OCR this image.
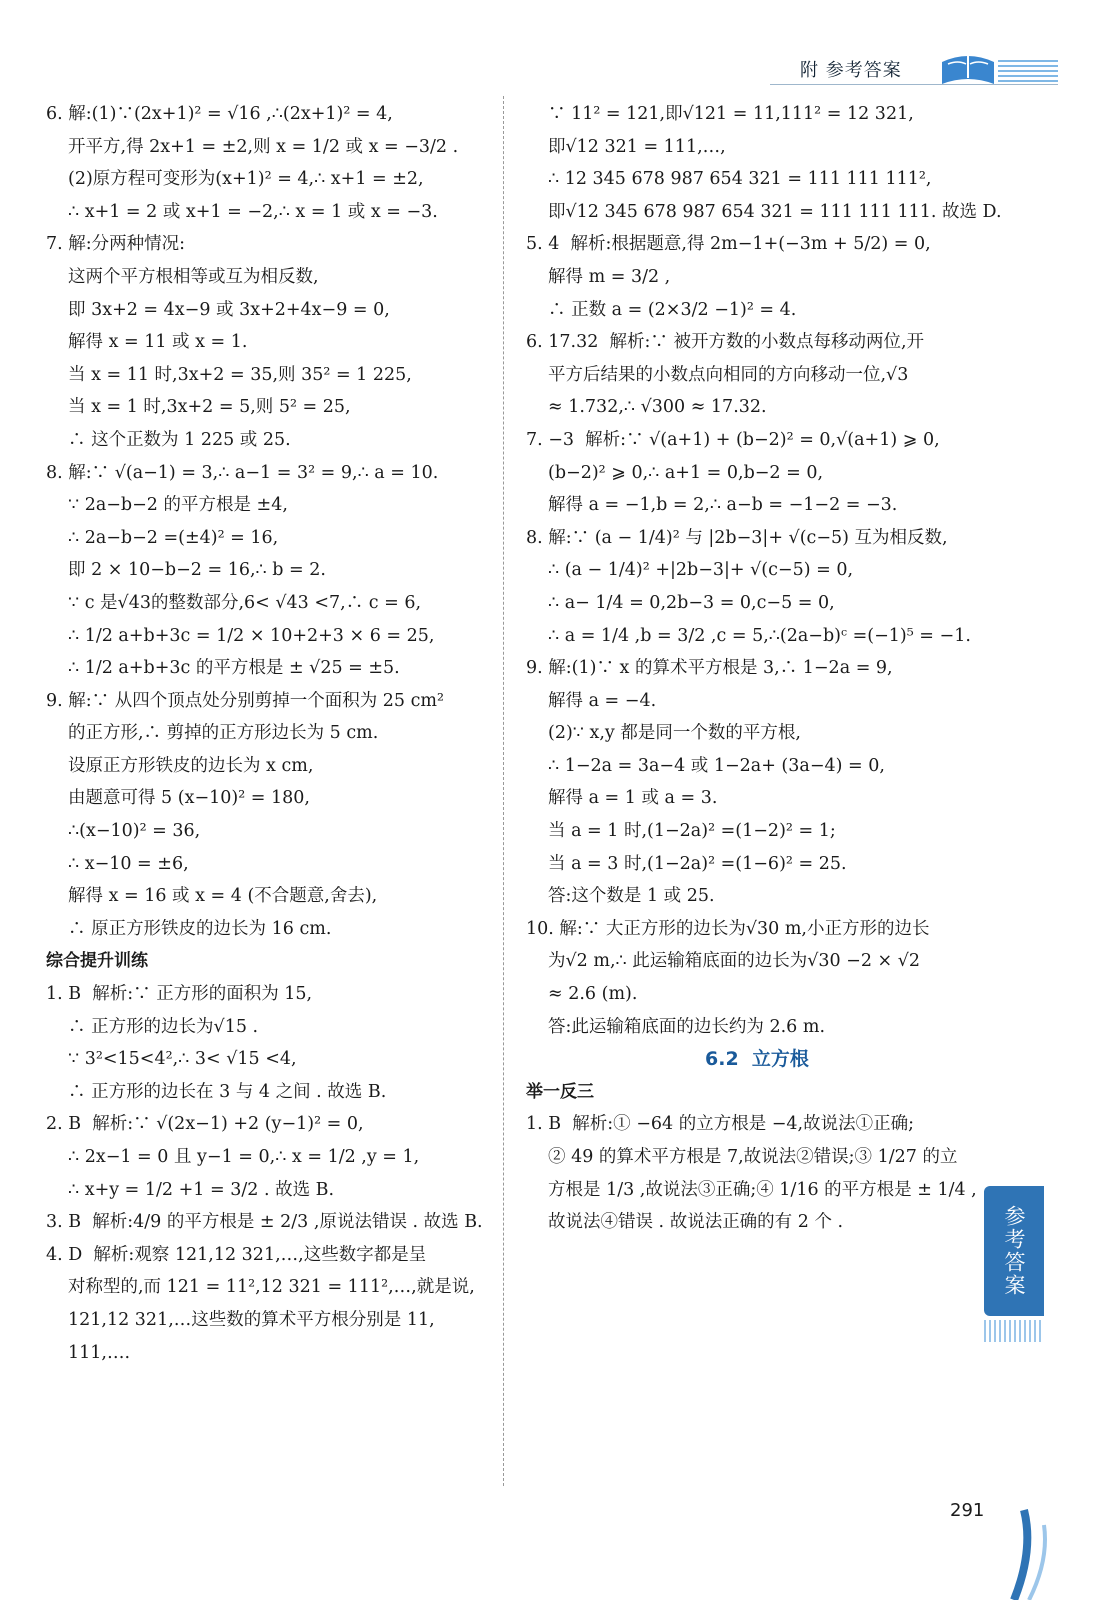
附 参考答案
6. 解:(1)∵(2x+1)² = √16 ,∴(2x+1)² = 4,
开平方,得 2x+1 = ±2,则 x = 1/2 或 x = −3/2 .
(2)原方程可变形为(x+1)² = 4,∴ x+1 = ±2,
∴ x+1 = 2 或 x+1 = −2,∴ x = 1 或 x = −3.
7. 解:分两种情况:
这两个平方根相等或互为相反数,
即 3x+2 = 4x−9 或 3x+2+4x−9 = 0,
解得 x = 11 或 x = 1.
当 x = 11 时,3x+2 = 35,则 35² = 1 225,
当 x = 1 时,3x+2 = 5,则 5² = 25,
∴ 这个正数为 1 225 或 25.
8. 解:∵ √(a−1) = 3,∴ a−1 = 3² = 9,∴ a = 10.
∵ 2a−b−2 的平方根是 ±4,
∴ 2a−b−2 =(±4)² = 16,
即 2 × 10−b−2 = 16,∴ b = 2.
∵ c 是√43的整数部分,6< √43 <7,∴ c = 6,
∴ 1/2 a+b+3c = 1/2 × 10+2+3 × 6 = 25,
∴ 1/2 a+b+3c 的平方根是 ± √25 = ±5.
9. 解:∵ 从四个顶点处分别剪掉一个面积为 25 cm²
的正方形,∴ 剪掉的正方形边长为 5 cm.
设原正方形铁皮的边长为 x cm,
由题意可得 5 (x−10)² = 180,
∴(x−10)² = 36,
∴ x−10 = ±6,
解得 x = 16 或 x = 4 (不合题意,舍去),
∴ 原正方形铁皮的边长为 16 cm.
综合提升训练
1. B  解析:∵ 正方形的面积为 15,
∴ 正方形的边长为√15 .
∵ 3²<15<4²,∴ 3< √15 <4,
∴ 正方形的边长在 3 与 4 之间 . 故选 B.
2. B  解析:∵ √(2x−1) +2 (y−1)² = 0,
∴ 2x−1 = 0 且 y−1 = 0,∴ x = 1/2 ,y = 1,
∴ x+y = 1/2 +1 = 3/2 . 故选 B.
3. B  解析:4/9 的平方根是 ± 2/3 ,原说法错误 . 故选 B.
4. D  解析:观察 121,12 321,…,这些数字都是呈
对称型的,而 121 = 11²,12 321 = 111²,…,就是说,
121,12 321,…这些数的算术平方根分别是 11,
111,….
∵ 11² = 121,即√121 = 11,111² = 12 321,
即√12 321 = 111,…,
∴ 12 345 678 987 654 321 = 111 111 111²,
即√12 345 678 987 654 321 = 111 111 111. 故选 D.
5. 4  解析:根据题意,得 2m−1+(−3m + 5/2) = 0,
解得 m = 3/2 ,
∴ 正数 a = (2×3/2 −1)² = 4.
6. 17.32  解析:∵ 被开方数的小数点每移动两位,开
平方后结果的小数点向相同的方向移动一位,√3
≈ 1.732,∴ √300 ≈ 17.32.
7. −3  解析:∵ √(a+1) + (b−2)² = 0,√(a+1) ⩾ 0,
(b−2)² ⩾ 0,∴ a+1 = 0,b−2 = 0,
解得 a = −1,b = 2,∴ a−b = −1−2 = −3.
8. 解:∵ (a − 1/4)² 与 |2b−3|+ √(c−5) 互为相反数,
∴ (a − 1/4)² +|2b−3|+ √(c−5) = 0,
∴ a− 1/4 = 0,2b−3 = 0,c−5 = 0,
∴ a = 1/4 ,b = 3/2 ,c = 5,∴(2a−b)ᶜ =(−1)⁵ = −1.
9. 解:(1)∵ x 的算术平方根是 3,∴ 1−2a = 9,
解得 a = −4.
(2)∵ x,y 都是同一个数的平方根,
∴ 1−2a = 3a−4 或 1−2a+ (3a−4) = 0,
解得 a = 1 或 a = 3.
当 a = 1 时,(1−2a)² =(1−2)² = 1;
当 a = 3 时,(1−2a)² =(1−6)² = 25.
答:这个数是 1 或 25.
10. 解:∵ 大正方形的边长为√30 m,小正方形的边长
为√2 m,∴ 此运输箱底面的边长为√30 −2 × √2
≈ 2.6 (m).
答:此运输箱底面的边长约为 2.6 m.
6.2  立方根
举一反三
1. B  解析:① −64 的立方根是 −4,故说法①正确;
② 49 的算术平方根是 7,故说法②错误;③ 1/27 的立
方根是 1/3 ,故说法③正确;④ 1/16 的平方根是 ± 1/4 ,
故说法④错误 . 故说法正确的有 2 个 .	参考答案
291
